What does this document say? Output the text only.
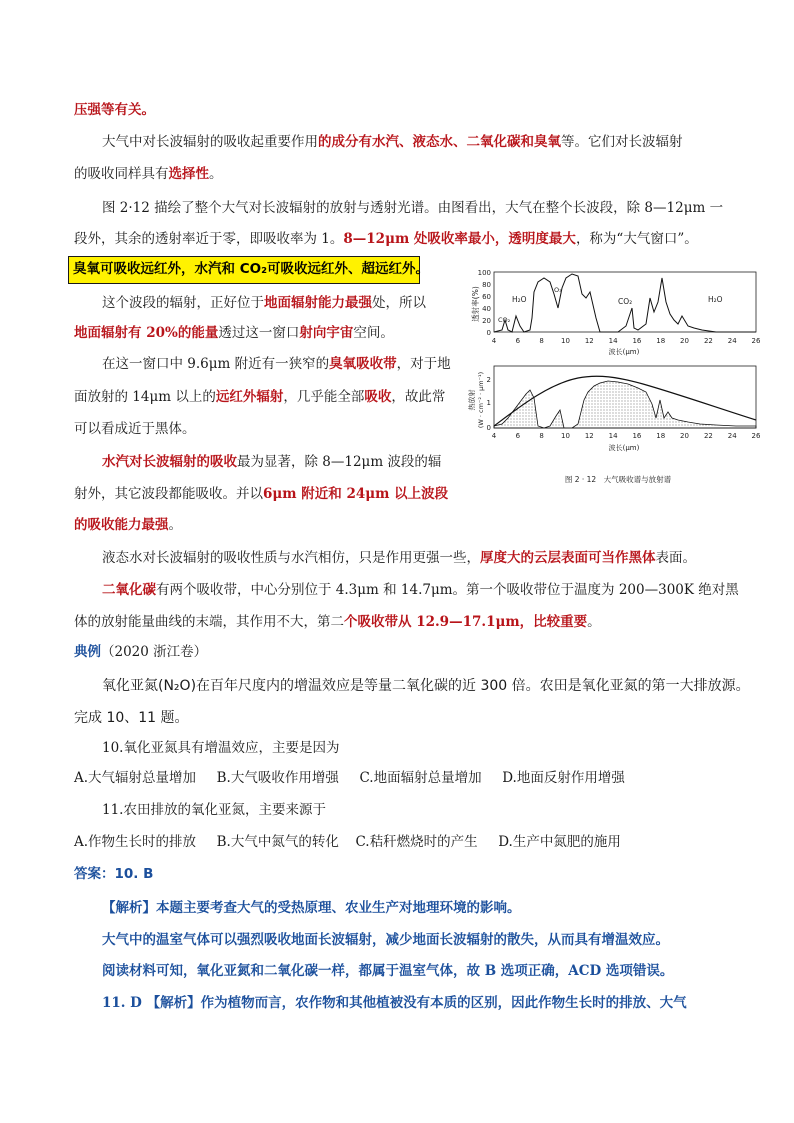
压强等有关。
大气中对长波辐射的吸收起重要作用的成分有水汽、液态水、二氧化碳和臭氧等。它们对长波辐射
的吸收同样具有选择性。
图 2·12 描绘了整个大气对长波辐射的放射与透射光谱。由图看出，大气在整个长波段，除 8—12μm 一
段外，其余的透射率近于零，即吸收率为 1。8—12μm 处吸收率最小，透明度最大，称为“大气窗口”。
臭氧可吸收远红外，水汽和 CO₂可吸收远红外、超远红外。
这个波段的辐射，正好位于地面辐射能力最强处，所以
地面辐射有 20%的能量透过这一窗口射向宇宙空间。
在这一窗口中 9.6μm 附近有一狭窄的臭氧吸收带，对于地
面放射的 14μm 以上的远红外辐射，几乎能全部吸收，故此常
可以看成近于黑体。
水汽对长波辐射的吸收最为显著，除 8—12μm 波段的辐
射外，其它波段都能吸收。并以6μm 附近和 24μm 以上波段
的吸收能力最强。
液态水对长波辐射的吸收性质与水汽相仿，只是作用更强一些，厚度大的云层表面可当作黑体表面。
二氧化碳有两个吸收带，中心分别位于 4.3μm 和 14.7μm。第一个吸收带位于温度为 200—300K 绝对黑
体的放射能量曲线的末端，其作用不大，第二个吸收带从 12.9—17.1μm，比较重要。
典例（2020 浙江卷）
氧化亚氮(N₂O)在百年尺度内的增温效应是等量二氧化碳的近 300 倍。农田是氧化亚氮的第一大排放源。
完成 10、11 题。
10.氧化亚氮具有增温效应，主要是因为
A.大气辐射总量增加 B.大气吸收作用增强 C.地面辐射总量增加 D.地面反射作用增强
11.农田排放的氧化亚氮，主要来源于
A.作物生长时的排放 B.大气中氮气的转化 C.秸秆燃烧时的产生 D.生产中氮肥的施用
答案：10. B
【解析】本题主要考查大气的受热原理、农业生产对地理环境的影响。
大气中的温室气体可以强烈吸收地面长波辐射，减少地面长波辐射的散失，从而具有增温效应。
阅读材料可知，氧化亚氮和二氧化碳一样，都属于温室气体，故 B 选项正确，ACD 选项错误。
11. D 【解析】作为植物而言，农作物和其他植被没有本质的区别，因此作物生长时的排放、大气
透射率(%)
100
80
60
40
20
0
H₂O
CO₂
O₃
CO₂	H₂O
4	6	8 10 12 14 16 18 20 22 24 26
波长(μm)
热放射 (W · cm⁻² · μm⁻¹) 2
1
0
4	6	8 10 12 14 16 18 20 22 24 26
波长(μm)
图 2 · 12　大气吸收谱与放射谱
